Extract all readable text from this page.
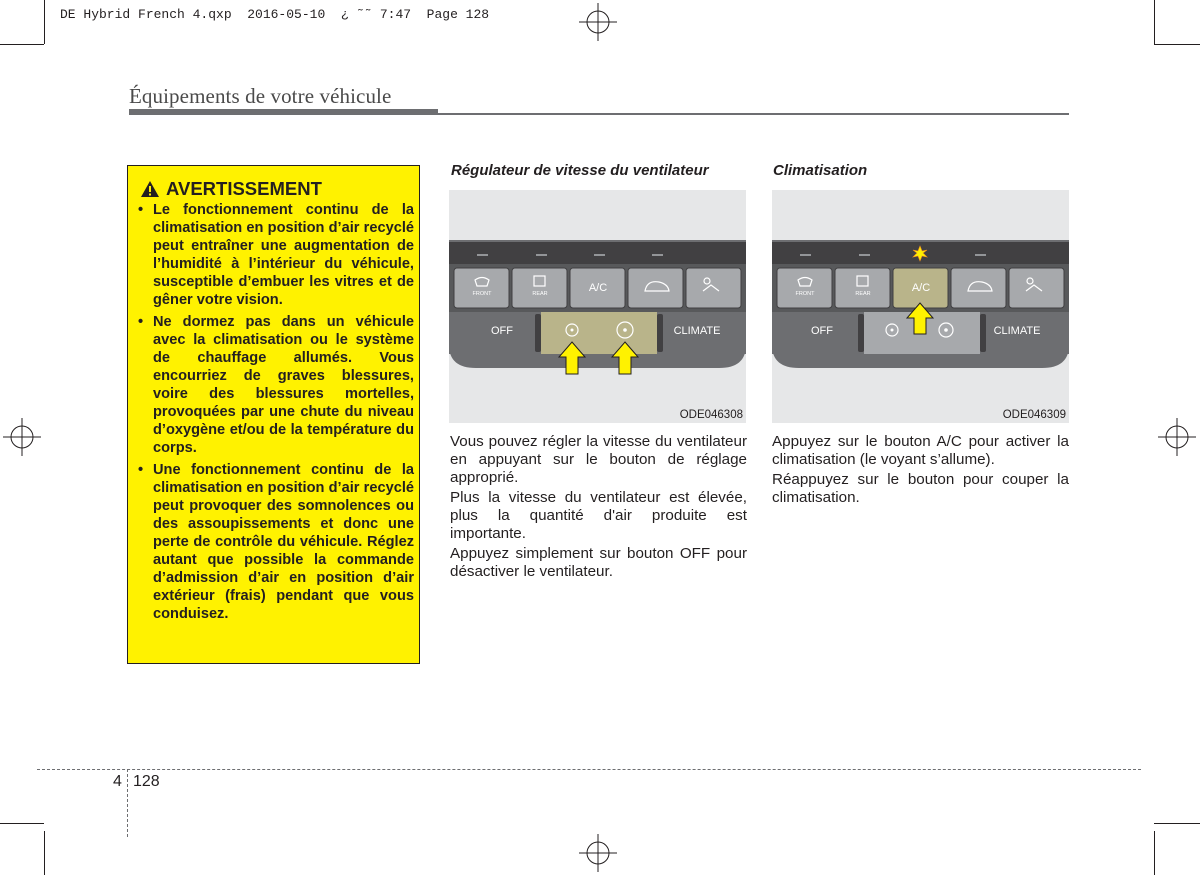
DE Hybrid French 4.qxp  2016-05-10  ¿ ˜˜ 7:47  Page 128
Équipements de votre véhicule
AVERTISSEMENT
• Le fonctionnement continu de la climatisation en position d’air recyclé peut entraîner une augmentation de l’humidité à l’intérieur du véhicule, susceptible d’embuer les vitres et de gêner votre vision.
• Ne dormez pas dans un véhicule avec la climatisation ou le système de chauffage allumés. Vous encourriez de graves blessures, voire des blessures mortelles, provoquées par une chute du niveau d’oxygène et/ou de la température du corps.
• Une fonctionnement continu de la climatisation en position d’air recyclé peut provoquer des somnolences ou des assoupissements et donc une perte de contrôle du véhicule. Réglez autant que possible la commande d’admission d’air en position d’air extérieur (frais) pendant que vous conduisez.
Régulateur de vitesse du ventilateur
FRONT	REAR	A/C
OFF	CLIMATE
ODE046308

Vous pouvez régler la vitesse du ventilateur en appuyant sur le bouton de réglage approprié.

Plus la vitesse du ventilateur est élevée, plus la quantité d'air produite est importante.

Appuyez simplement sur bouton OFF pour désactiver le ventilateur.

Climatisation
FRONT	REAR	A/C
OFF	CLIMATE
ODE046309

Appuyez sur le bouton A/C pour activer la climatisation (le voyant s’allume).

Réappuyez sur le bouton pour couper la climatisation.

4 128
